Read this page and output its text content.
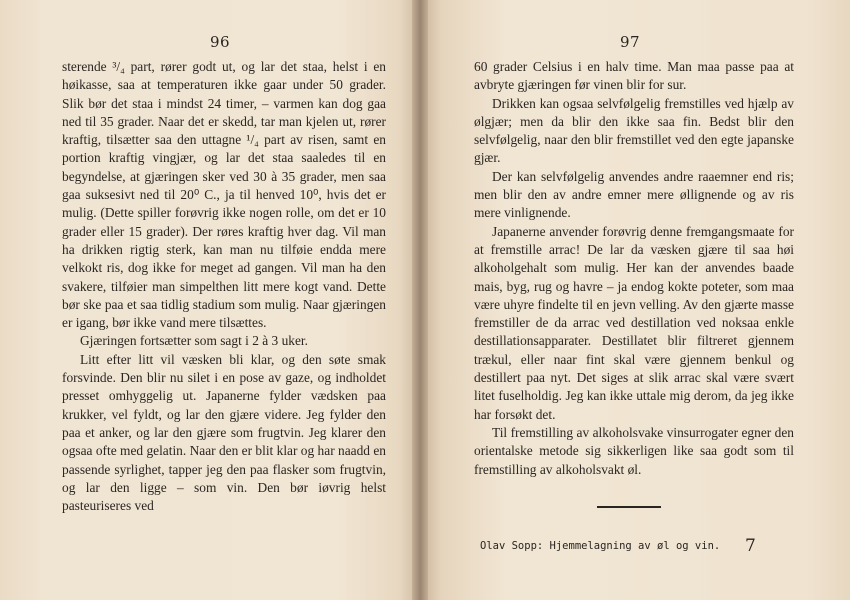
96

sterende ³/₄ part, rører godt ut, og lar det staa, helst i en høikasse, saa at temperaturen ikke gaar under 50 grader. Slik bør det staa i mindst 24 timer, – varmen kan dog gaa ned til 35 grader. Naar det er skedd, tar man kjelen ut, rører kraftig, tilsætter saa den uttagne ¹/₄ part av risen, samt en portion kraftig vingjær, og lar det staa saaledes til en begyndelse, at gjæringen sker ved 30 à 35 grader, men saa gaa suksesivt ned til 20⁰ C., ja til henved 10⁰, hvis det er mulig. (Dette spiller forøvrig ikke nogen rolle, om det er 10 grader eller 15 grader). Der røres kraftig hver dag. Vil man ha drikken rigtig sterk, kan man nu tilføie endda mere velkokt ris, dog ikke for meget ad gangen. Vil man ha den svakere, tilføier man simpelthen litt mere kogt vand. Dette bør ske paa et saa tidlig stadium som mulig. Naar gjæringen er igang, bør ikke vand mere tilsættes.

Gjæringen fortsætter som sagt i 2 à 3 uker.

Litt efter litt vil væsken bli klar, og den søte smak forsvinde. Den blir nu silet i en pose av gaze, og indholdet presset omhyggelig ut. Japanerne fylder vædsken paa krukker, vel fyldt, og lar den gjære videre. Jeg fylder den paa et anker, og lar den gjære som frugtvin. Jeg klarer den ogsaa ofte med gelatin. Naar den er blit klar og har naadd en passende syrlighet, tapper jeg den paa flasker som frugtvin, og lar den ligge – som vin. Den bør iøvrig helst pasteuriseres ved

97

60 grader Celsius i en halv time. Man maa passe paa at avbryte gjæringen før vinen blir for sur.

Drikken kan ogsaa selvfølgelig fremstilles ved hjælp av ølgjær; men da blir den ikke saa fin. Bedst blir den selvfølgelig, naar den blir fremstillet ved den egte japanske gjær.

Der kan selvfølgelig anvendes andre raaemner end ris; men blir den av andre emner mere øllignende og av ris mere vinlignende.

Japanerne anvender forøvrig denne fremgangsmaate for at fremstille arrac! De lar da væsken gjære til saa høi alkoholgehalt som mulig. Her kan der anvendes baade mais, byg, rug og havre – ja endog kokte poteter, som maa være uhyre findelte til en jevn velling. Av den gjærte masse fremstiller de da arrac ved destillation ved noksaa enkle destillationsapparater. Destillatet blir filtreret gjennem trækul, eller naar fint skal være gjennem benkul og destillert paa nyt. Det siges at slik arrac skal være svært litet fuselholdig. Jeg kan ikke uttale mig derom, da jeg ikke har forsøkt det.

Til fremstilling av alkoholsvake vinsurrogater egner den orientalske metode sig sikkerligen like saa godt som til fremstilling av alkoholsvakt øl.

Olav Sopp: Hjemmelagning av øl og vin.	7
